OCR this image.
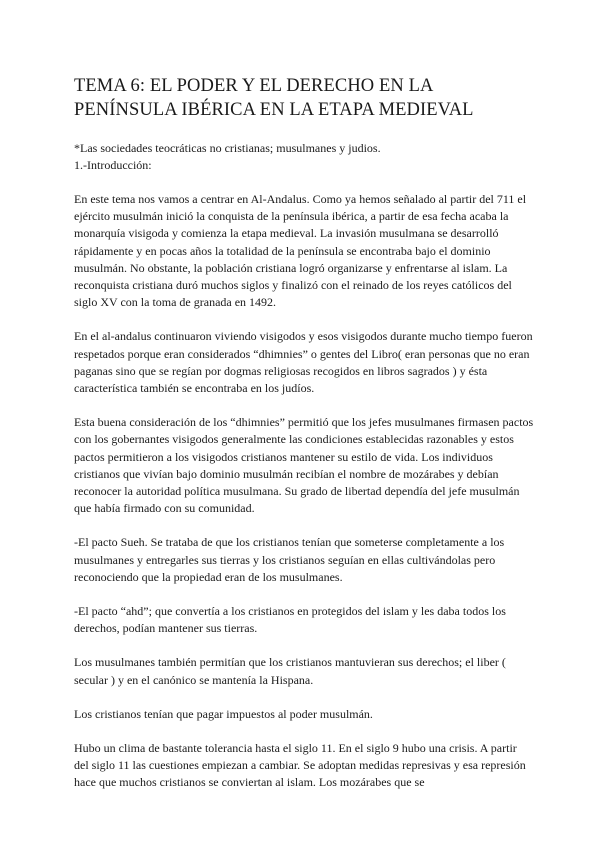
TEMA 6: EL PODER Y EL DERECHO EN LA PENÍNSULA IBÉRICA EN LA ETAPA MEDIEVAL

*Las sociedades teocráticas no cristianas; musulmanes y judios.

1.-Introducción:

En este tema nos vamos a centrar en Al-Andalus. Como ya hemos señalado al partir del 711 el ejército musulmán inició la conquista de la península ibérica, a partir de esa fecha acaba la monarquía visigoda y comienza la etapa medieval. La invasión musulmana se desarrolló rápidamente y en pocas años la totalidad de la península se encontraba bajo el dominio musulmán. No obstante, la población cristiana logró organizarse y enfrentarse al islam. La reconquista cristiana duró muchos siglos y finalizó con el reinado de los reyes católicos del siglo XV con la toma de granada en 1492.

En el al-andalus continuaron viviendo visigodos y esos visigodos durante mucho tiempo fueron respetados porque eran considerados “dhimnies” o gentes del Libro( eran personas que no eran paganas sino que se regían por dogmas religiosas recogidos en libros sagrados ) y ésta característica también se encontraba en los judíos.

Esta buena consideración de los “dhimnies” permitió que los jefes musulmanes firmasen pactos con los gobernantes visigodos generalmente las condiciones establecidas razonables y estos pactos permitieron a los visigodos cristianos mantener su estilo de vida. Los individuos cristianos que vivían bajo dominio musulmán recibían el nombre de mozárabes y debían reconocer la autoridad política musulmana. Su grado de libertad dependía del jefe musulmán que había firmado con su comunidad.

-El pacto Sueh. Se trataba de que los cristianos tenían que someterse completamente a los musulmanes y entregarles sus tierras y los cristianos seguían en ellas cultivándolas pero reconociendo que la propiedad eran de los musulmanes.

-El pacto “ahd”; que convertía a los cristianos en protegidos del islam y les daba todos los derechos, podían mantener sus tierras.

Los musulmanes también permitían que los cristianos mantuvieran sus derechos; el liber ( secular ) y en el canónico se mantenía la Hispana.

Los cristianos tenían que pagar impuestos al poder musulmán.

Hubo un clima de bastante tolerancia hasta el siglo 11. En el siglo 9 hubo una crisis. A partir del siglo 11 las cuestiones empiezan a cambiar. Se adoptan medidas represivas y esa represión hace que muchos cristianos se conviertan al islam. Los mozárabes que se
